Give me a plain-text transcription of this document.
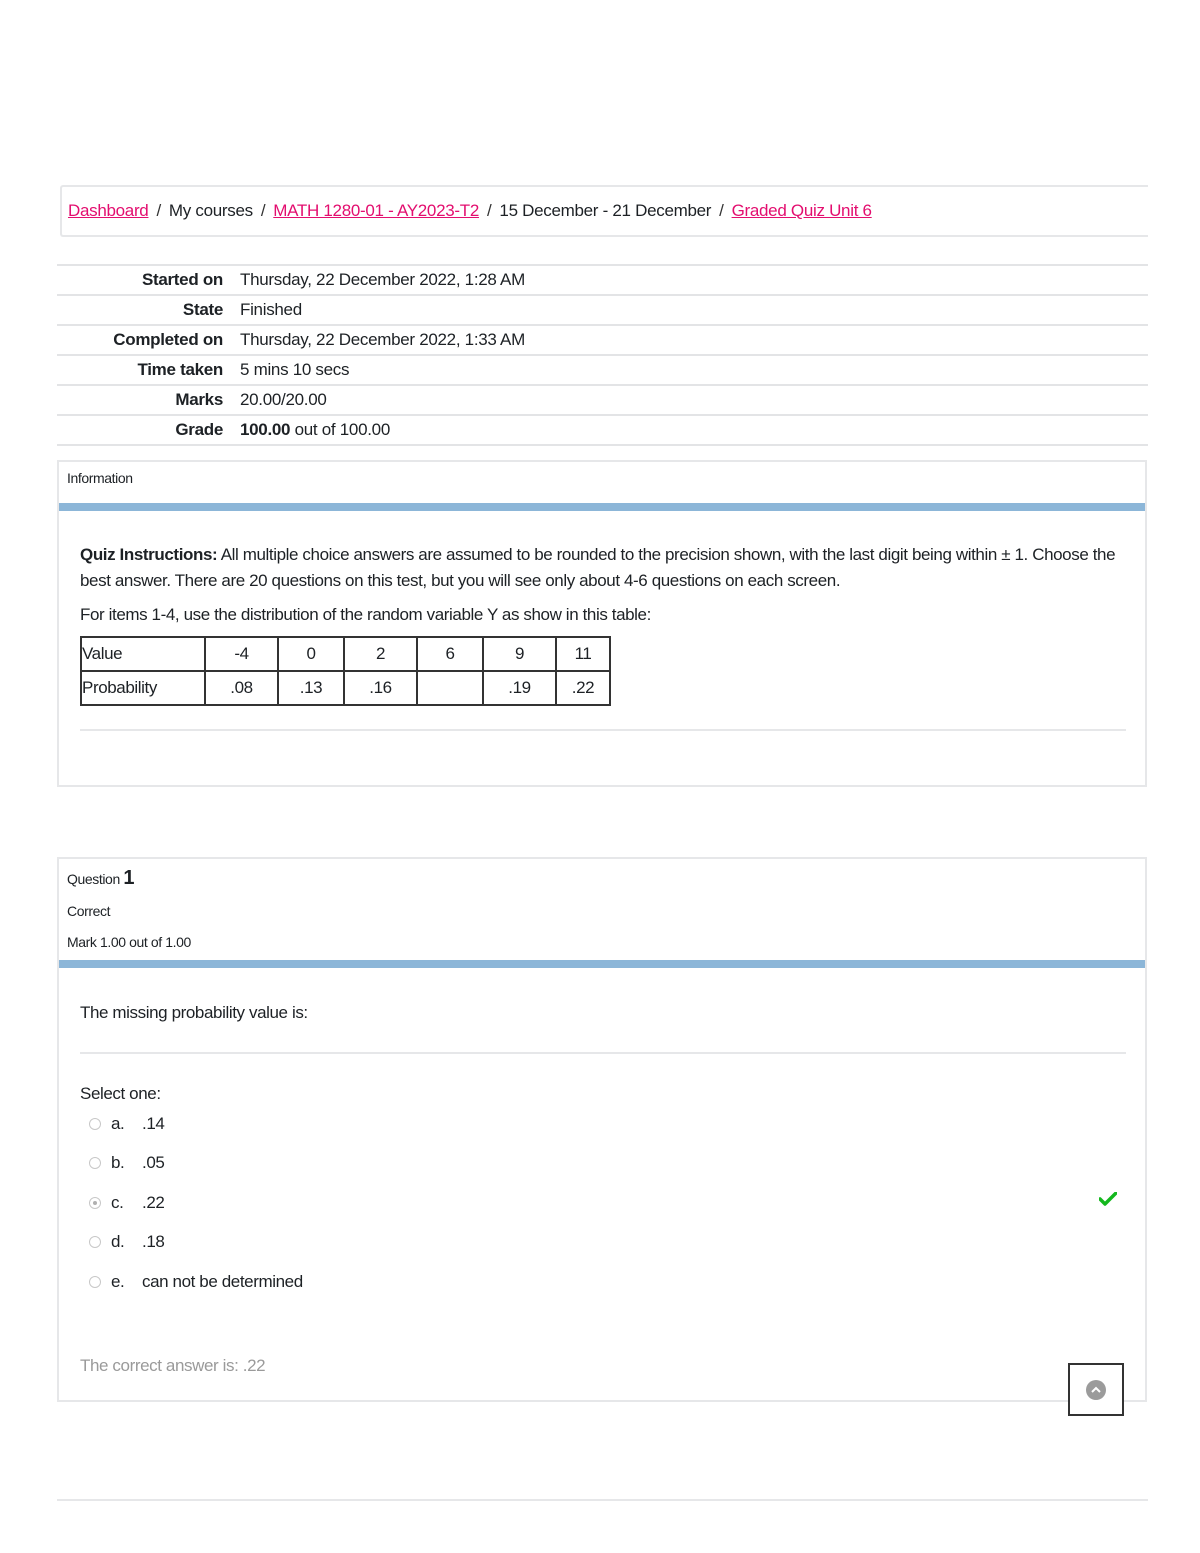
Dashboard / My courses / MATH 1280-01 - AY2023-T2 / 15 December - 21 December / Graded Quiz Unit 6
Started on	Thursday, 22 December 2022, 1:28 AM
State	Finished
Completed on	Thursday, 22 December 2022, 1:33 AM
Time taken	5 mins 10 secs
Marks	20.00/20.00
Grade	100.00 out of 100.00
Information

Quiz Instructions: All multiple choice answers are assumed to be rounded to the precision shown, with the last digit being within ± 1. Choose the best answer. There are 20 questions on this test, but you will see only about 4-6 questions on each screen.

For items 1-4, use the distribution of the random variable Y as show in this table:

Value	-4	0	2	6	9	11
Probability	.08	.13	.16		.19	.22
Question 1
Correct
Mark 1.00 out of 1.00
The missing probability value is:
Select one:
a.	.14
b.	.05
c.	.22
d.	.18
e.	can not be determined
The correct answer is: .22
